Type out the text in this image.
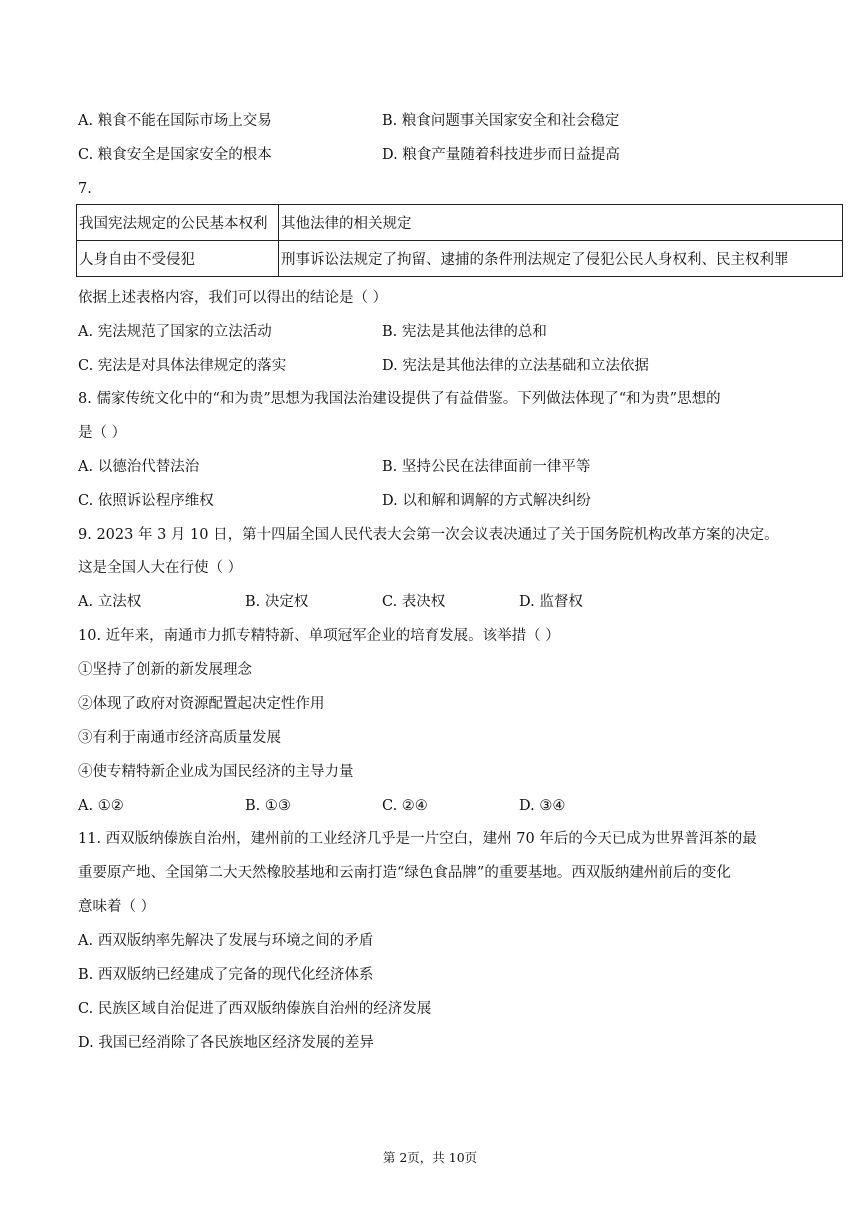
A. 粮食不能在国际市场上交易	B. 粮食问题事关国家安全和社会稳定
C. 粮食安全是国家安全的根本	D. 粮食产量随着科技进步而日益提高
7.
我国宪法规定的公民基本权利	其他法律的相关规定
人身自由不受侵犯	刑事诉讼法规定了拘留、逮捕的条件刑法规定了侵犯公民人身权利、民主权利罪
依据上述表格内容，我们可以得出的结论是（ ）
A. 宪法规范了国家的立法活动	B. 宪法是其他法律的总和
C. 宪法是对具体法律规定的落实	D. 宪法是其他法律的立法基础和立法依据
8. 儒家传统文化中的“和为贵”思想为我国法治建设提供了有益借鉴。下列做法体现了“和为贵”思想的
是（ ）
A. 以德治代替法治	B. 坚持公民在法律面前一律平等
C. 依照诉讼程序维权	D. 以和解和调解的方式解决纠纷
9. 2023 年 3 月 10 日，第十四届全国人民代表大会第一次会议表决通过了关于国务院机构改革方案的决定。
这是全国人大在行使（ ）
A. 立法权	B. 决定权	C. 表决权	D. 监督权
10. 近年来，南通市力抓专精特新、单项冠军企业的培育发展。该举措（ ）
①坚持了创新的新发展理念
②体现了政府对资源配置起决定性作用
③有利于南通市经济高质量发展
④使专精特新企业成为国民经济的主导力量
A. ①②	B. ①③	C. ②④	D. ③④
11. 西双版纳傣族自治州，建州前的工业经济几乎是一片空白，建州 70 年后的今天已成为世界普洱茶的最
重要原产地、全国第二大天然橡胶基地和云南打造“绿色食品牌”的重要基地。西双版纳建州前后的变化
意味着（ ）
A. 西双版纳率先解决了发展与环境之间的矛盾
B. 西双版纳已经建成了完备的现代化经济体系
C. 民族区域自治促进了西双版纳傣族自治州的经济发展
D. 我国已经消除了各民族地区经济发展的差异
第 2页，共 10页
